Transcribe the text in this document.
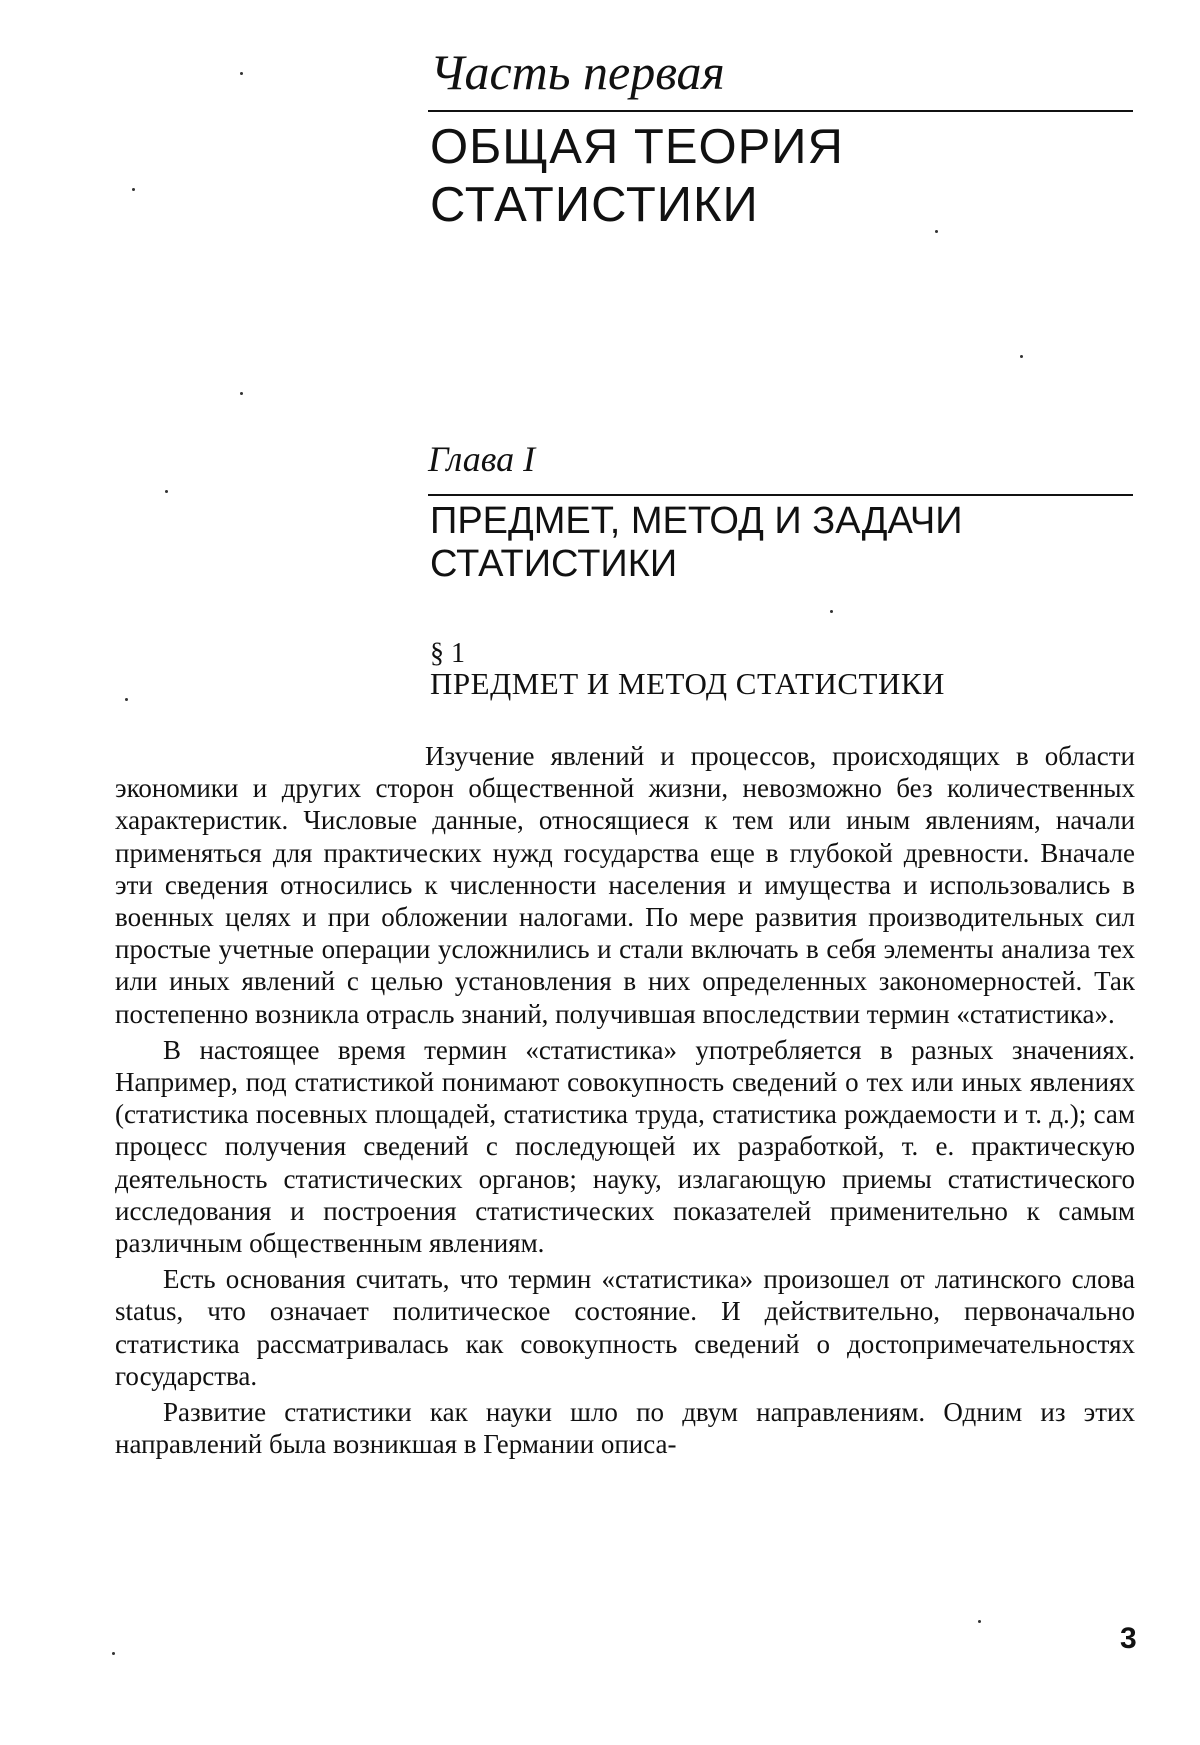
Часть первая
ОБЩАЯ ТЕОРИЯ
СТАТИСТИКИ
Глава I
ПРЕДМЕТ, МЕТОД И ЗАДАЧИ
СТАТИСТИКИ
§ 1
ПРЕДМЕТ И МЕТОД СТАТИСТИКИ

Изучение явлений и процессов, происходящих в области экономики и других сторон общественной жизни, невозможно без количественных характеристик. Числовые данные, относящиеся к тем или иным явлениям, начали применяться для практических нужд государства еще в глубокой древности. Вначале эти сведения относились к численности населения и имущества и использовались в военных целях и при обложении налогами. По мере развития производительных сил простые учетные операции усложнились и стали включать в себя элементы анализа тех или иных явлений с целью установления в них определенных закономерностей. Так постепенно возникла отрасль знаний, получившая впоследствии термин «статистика».

В настоящее время термин «статистика» употребляется в разных значениях. Например, под статистикой понимают совокупность сведений о тех или иных явлениях (статистика посевных площадей, статистика труда, статистика рождаемости и т. д.); сам процесс получения сведений с последующей их разработкой, т. е. практическую деятельность статистических органов; науку, излагающую приемы статистического исследования и построения статистических показателей применительно к самым различным общественным явлениям.

Есть основания считать, что термин «статистика» произошел от латинского слова status, что означает политическое состояние. И действительно, первоначально статистика рассматривалась как совокупность сведений о достопримечательностях государства.

Развитие статистики как науки шло по двум направлениям. Одним из этих направлений была возникшая в Германии описа-

3
